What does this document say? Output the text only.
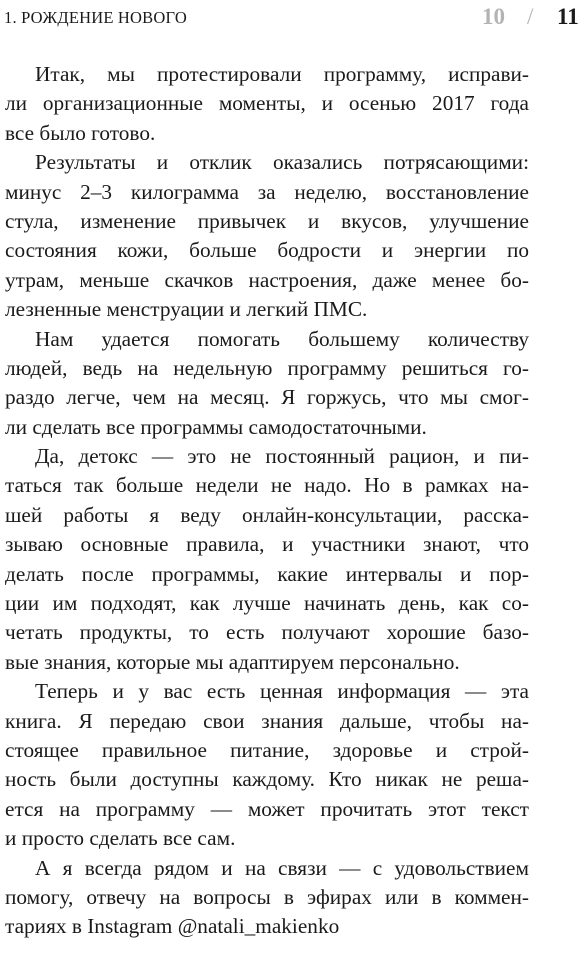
1. РОЖДЕНИЕ НОВОГО	10 / 11
Итак, мы протестировали программу, исправи-
ли организационные моменты, и осенью 2017 года
все было готово.
Результаты и отклик оказались потрясающими:
минус 2–3 килограмма за неделю, восстановление
стула, изменение привычек и вкусов, улучшение
состояния кожи, больше бодрости и энергии по
утрам, меньше скачков настроения, даже менее бо-
лезненные менструации и легкий ПМС.
Нам удается помогать большему количеству
людей, ведь на недельную программу решиться го-
раздо легче, чем на месяц. Я горжусь, что мы смог-
ли сделать все программы самодостаточными.
Да, детокс — это не постоянный рацион, и пи-
таться так больше недели не надо. Но в рамках на-
шей работы я веду онлайн-консультации, расска-
зываю основные правила, и участники знают, что
делать после программы, какие интервалы и пор-
ции им подходят, как лучше начинать день, как со-
четать продукты, то есть получают хорошие базо-
вые знания, которые мы адаптируем персонально.
Теперь и у вас есть ценная информация — эта
книга. Я передаю свои знания дальше, чтобы на-
стоящее правильное питание, здоровье и строй-
ность были доступны каждому. Кто никак не реша-
ется на программу — может прочитать этот текст
и просто сделать все сам.
А я всегда рядом и на связи — с удовольствием
помогу, отвечу на вопросы в эфирах или в коммен-
тариях в Instagram @natali_makienko
